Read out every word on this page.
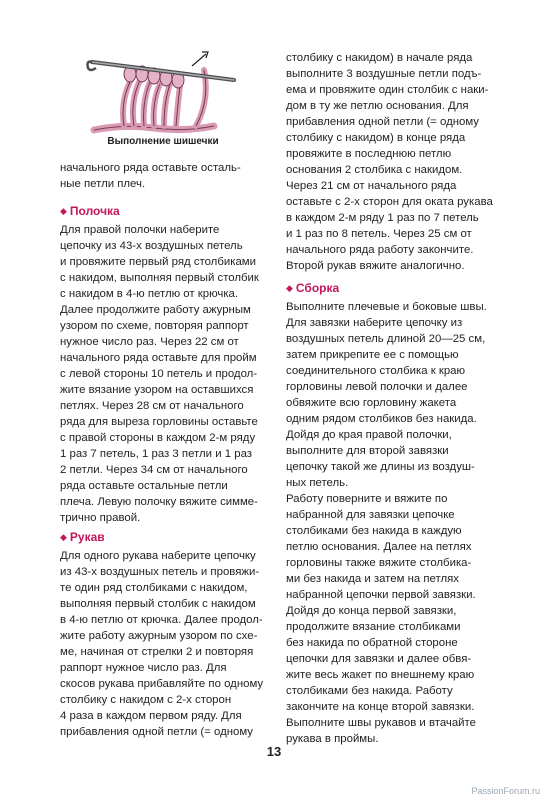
Выполнение шишечки
начального ряда оставьте осталь-
ные петли плеч.
◆ Полочка
Для правой полочки наберите
цепочку из 43-х воздушных петель
и провяжите первый ряд столбиками
с накидом, выполняя первый столбик
с накидом в 4-ю петлю от крючка.
Далее продолжите работу ажурным
узором по схеме, повторяя раппорт
нужное число раз. Через 22 см от
начального ряда оставьте для пройм
с левой стороны 10 петель и продол-
жите вязание узором на оставшихся
петлях. Через 28 см от начального
ряда для выреза горловины оставьте
с правой стороны в каждом 2-м ряду
1 раз 7 петель, 1 раз 3 петли и 1 раз
2 петли. Через 34 см от начального
ряда оставьте остальные петли
плеча. Левую полочку вяжите симме-
трично правой.
◆ Рукав
Для одного рукава наберите цепочку
из 43-х воздушных петель и провяжи-
те один ряд столбиками с накидом,
выполняя первый столбик с накидом
в 4-ю петлю от крючка. Далее продол-
жите работу ажурным узором по схе-
ме, начиная от стрелки 2 и повторяя
раппорт нужное число раз. Для
скосов рукава прибавляйте по одному
столбику с накидом с 2-х сторон
4 раза в каждом первом ряду. Для
прибавления одной петли (= одному
столбику с накидом) в начале ряда
выполните 3 воздушные петли подъ-
ема и провяжите один столбик с наки-
дом в ту же петлю основания. Для
прибавления одной петли (= одному
столбику с накидом) в конце ряда
провяжите в последнюю петлю
основания 2 столбика с накидом.
Через 21 см от начального ряда
оставьте с 2-х сторон для оката рукава
в каждом 2-м ряду 1 раз по 7 петель
и 1 раз по 8 петель. Через 25 см от
начального ряда работу закончите.
Второй рукав вяжите аналогично.
◆ Сборка
Выполните плечевые и боковые швы.
Для завязки наберите цепочку из
воздушных петель длиной 20—25 см,
затем прикрепите ее с помощью
соединительного столбика к краю
горловины левой полочки и далее
обвяжите всю горловину жакета
одним рядом столбиков без накида.
Дойдя до края правой полочки,
выполните для второй завязки
цепочку такой же длины из воздуш-
ных петель.
Работу поверните и вяжите по
набранной для завязки цепочке
столбиками без накида в каждую
петлю основания. Далее на петлях
горловины также вяжите столбика-
ми без накида и затем на петлях
набранной цепочки первой завязки.
Дойдя до конца первой завязки,
продолжите вязание столбиками
без накида по обратной стороне
цепочки для завязки и далее обвя-
жите весь жакет по внешнему краю
столбиками без накида. Работу
закончите на конце второй завязки.
Выполните швы рукавов и втачайте
рукава в проймы.
13
PassionForum.ru
